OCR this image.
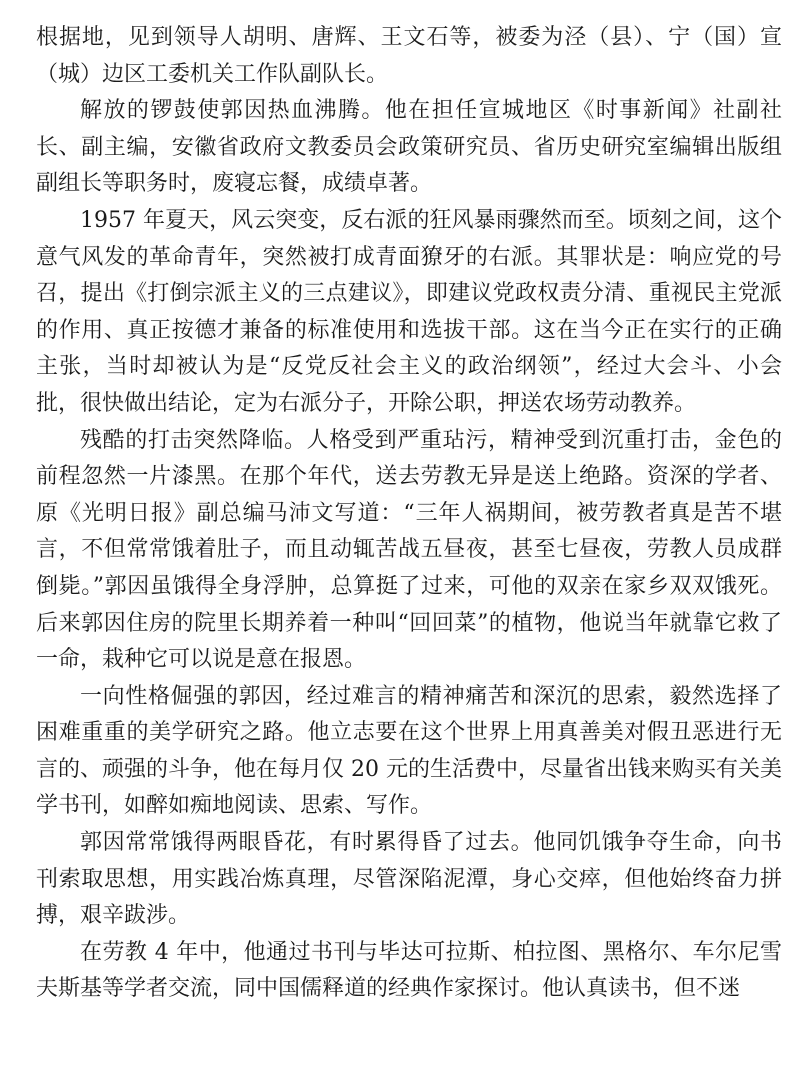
根据地，见到领导人胡明、唐辉、王文石等，被委为泾（县）、宁（国）宣（城）边区工委机关工作队副队长。

解放的锣鼓使郭因热血沸腾。他在担任宣城地区《时事新闻》社副社长、副主编，安徽省政府文教委员会政策研究员、省历史研究室编辑出版组副组长等职务时，废寝忘餐，成绩卓著。

1957 年夏天，风云突变，反右派的狂风暴雨骤然而至。顷刻之间，这个意气风发的革命青年，突然被打成青面獠牙的右派。其罪状是：响应党的号召，提出《打倒宗派主义的三点建议》，即建议党政权责分清、重视民主党派的作用、真正按德才兼备的标准使用和选拔干部。这在当今正在实行的正确主张，当时却被认为是“反党反社会主义的政治纲领”，经过大会斗、小会批，很快做出结论，定为右派分子，开除公职，押送农场劳动教养。

残酷的打击突然降临。人格受到严重玷污，精神受到沉重打击，金色的前程忽然一片漆黑。在那个年代，送去劳教无异是送上绝路。资深的学者、原《光明日报》副总编马沛文写道：“三年人祸期间，被劳教者真是苦不堪言，不但常常饿着肚子，而且动辄苦战五昼夜，甚至七昼夜，劳教人员成群倒毙。”郭因虽饿得全身浮肿，总算挺了过来，可他的双亲在家乡双双饿死。后来郭因住房的院里长期养着一种叫“回回菜”的植物，他说当年就靠它救了一命，栽种它可以说是意在报恩。

一向性格倔强的郭因，经过难言的精神痛苦和深沉的思索，毅然选择了困难重重的美学研究之路。他立志要在这个世界上用真善美对假丑恶进行无言的、顽强的斗争，他在每月仅 20 元的生活费中，尽量省出钱来购买有关美学书刊，如醉如痴地阅读、思索、写作。

郭因常常饿得两眼昏花，有时累得昏了过去。他同饥饿争夺生命，向书刊索取思想，用实践冶炼真理，尽管深陷泥潭，身心交瘁，但他始终奋力拼搏，艰辛跋涉。

在劳教 4 年中，他通过书刊与毕达可拉斯、柏拉图、黑格尔、车尔尼雪夫斯基等学者交流，同中国儒释道的经典作家探讨。他认真读书，但不迷
